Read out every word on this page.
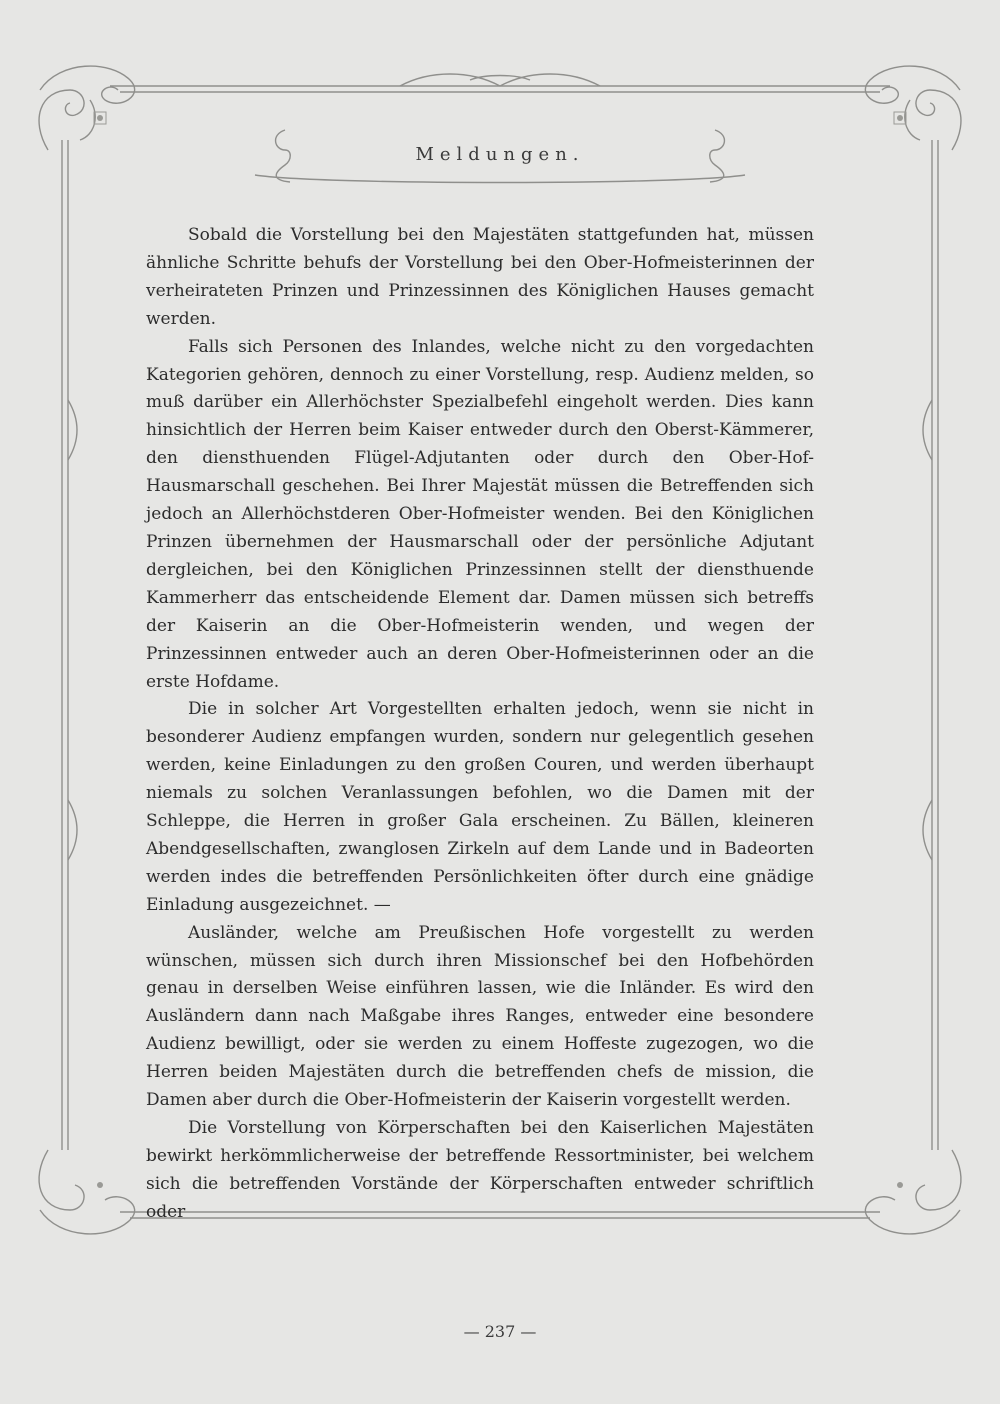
Meldungen.

Sobald die Vorstellung bei den Majestäten stattgefunden hat, müssen ähnliche Schritte behufs der Vorstellung bei den Ober-Hofmeisterinnen der verheirateten Prinzen und Prinzessinnen des Königlichen Hauses gemacht werden.

Falls sich Personen des Inlandes, welche nicht zu den vorgedachten Kategorien gehören, dennoch zu einer Vorstellung, resp. Audienz melden, so muß darüber ein Allerhöchster Spezialbefehl eingeholt werden. Dies kann hinsichtlich der Herren beim Kaiser entweder durch den Oberst-Kämmerer, den diensthuenden Flügel-Adjutanten oder durch den Ober-Hof-Hausmarschall geschehen. Bei Ihrer Majestät müssen die Betreffenden sich jedoch an Allerhöchstderen Ober-Hofmeister wenden. Bei den Königlichen Prinzen übernehmen der Hausmarschall oder der persönliche Adjutant dergleichen, bei den Königlichen Prinzessinnen stellt der diensthuende Kammerherr das entscheidende Element dar. Damen müssen sich betreffs der Kaiserin an die Ober-Hofmeisterin wenden, und wegen der Prinzessinnen entweder auch an deren Ober-Hofmeisterinnen oder an die erste Hofdame.

Die in solcher Art Vorgestellten erhalten jedoch, wenn sie nicht in besonderer Audienz empfangen wurden, sondern nur gelegentlich gesehen werden, keine Einladungen zu den großen Couren, und werden überhaupt niemals zu solchen Veranlassungen befohlen, wo die Damen mit der Schleppe, die Herren in großer Gala erscheinen. Zu Bällen, kleineren Abendgesellschaften, zwanglosen Zirkeln auf dem Lande und in Badeorten werden indes die betreffenden Persönlichkeiten öfter durch eine gnädige Einladung ausgezeichnet. —

Ausländer, welche am Preußischen Hofe vorgestellt zu werden wünschen, müssen sich durch ihren Missionschef bei den Hofbehörden genau in derselben Weise einführen lassen, wie die Inländer. Es wird den Ausländern dann nach Maßgabe ihres Ranges, entweder eine besondere Audienz bewilligt, oder sie werden zu einem Hoffeste zugezogen, wo die Herren beiden Majestäten durch die betreffenden chefs de mission, die Damen aber durch die Ober-Hofmeisterin der Kaiserin vorgestellt werden.

Die Vorstellung von Körperschaften bei den Kaiserlichen Majestäten bewirkt herkömmlicherweise der betreffende Ressortminister, bei welchem sich die betreffenden Vorstände der Körperschaften entweder schriftlich oder

— 237 —
